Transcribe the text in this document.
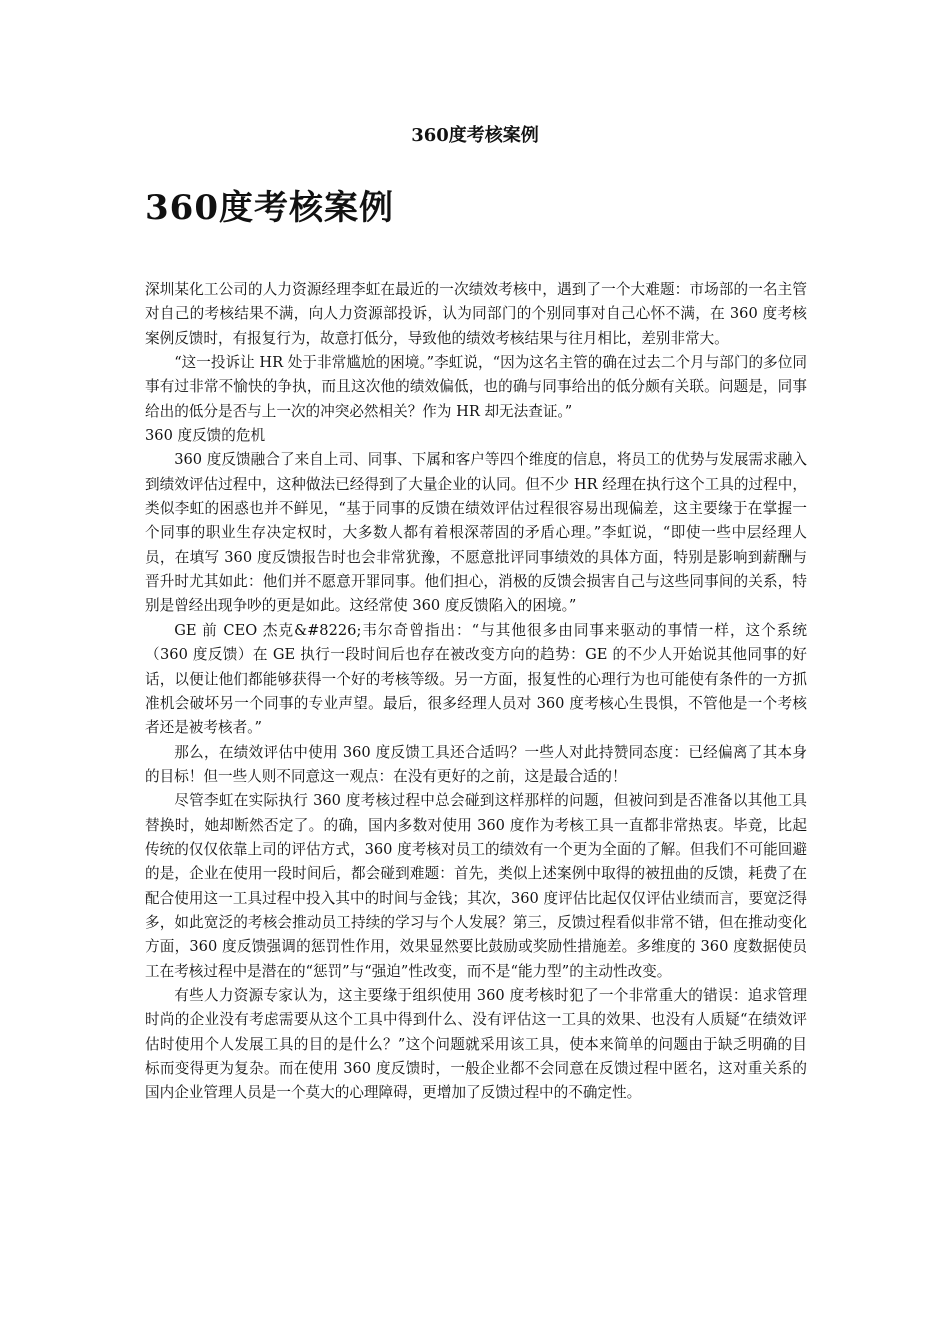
360度考核案例
360度考核案例

深圳某化工公司的人力资源经理李虹在最近的一次绩效考核中，遇到了一个大难题：市场部的一名主管对自己的考核结果不满，向人力资源部投诉，认为同部门的个别同事对自己心怀不满，在 360 度考核案例反馈时，有报复行为，故意打低分，导致他的绩效考核结果与往月相比，差别非常大。

“这一投诉让 HR 处于非常尴尬的困境。”李虹说，“因为这名主管的确在过去二个月与部门的多位同事有过非常不愉快的争执，而且这次他的绩效偏低，也的确与同事给出的低分颇有关联。问题是，同事给出的低分是否与上一次的冲突必然相关？作为 HR 却无法查证。”

360 度反馈的危机

360 度反馈融合了来自上司、同事、下属和客户等四个维度的信息，将员工的优势与发展需求融入到绩效评估过程中，这种做法已经得到了大量企业的认同。但不少 HR 经理在执行这个工具的过程中，类似李虹的困惑也并不鲜见，“基于同事的反馈在绩效评估过程很容易出现偏差，这主要缘于在掌握一个同事的职业生存决定权时，大多数人都有着根深蒂固的矛盾心理。”李虹说，“即使一些中层经理人员，在填写 360 度反馈报告时也会非常犹豫，不愿意批评同事绩效的具体方面，特别是影响到薪酬与晋升时尤其如此：他们并不愿意开罪同事。他们担心，消极的反馈会损害自己与这些同事间的关系，特别是曾经出现争吵的更是如此。这经常使 360 度反馈陷入的困境。”

GE 前 CEO 杰克&#8226;韦尔奇曾指出：“与其他很多由同事来驱动的事情一样，这个系统（360 度反馈）在 GE 执行一段时间后也存在被改变方向的趋势：GE 的不少人开始说其他同事的好话，以便让他们都能够获得一个好的考核等级。另一方面，报复性的心理行为也可能使有条件的一方抓准机会破坏另一个同事的专业声望。最后，很多经理人员对 360 度考核心生畏惧，不管他是一个考核者还是被考核者。”

那么，在绩效评估中使用 360 度反馈工具还合适吗？一些人对此持赞同态度：已经偏离了其本身的目标！但一些人则不同意这一观点：在没有更好的之前，这是最合适的！

尽管李虹在实际执行 360 度考核过程中总会碰到这样那样的问题，但被问到是否准备以其他工具替换时，她却断然否定了。的确，国内多数对使用 360 度作为考核工具一直都非常热衷。毕竟，比起传统的仅仅依靠上司的评估方式，360 度考核对员工的绩效有一个更为全面的了解。但我们不可能回避的是，企业在使用一段时间后，都会碰到难题：首先，类似上述案例中取得的被扭曲的反馈，耗费了在配合使用这一工具过程中投入其中的时间与金钱；其次，360 度评估比起仅仅评估业绩而言，要宽泛得多，如此宽泛的考核会推动员工持续的学习与个人发展？第三，反馈过程看似非常不错，但在推动变化方面，360 度反馈强调的惩罚性作用，效果显然要比鼓励或奖励性措施差。多维度的 360 度数据使员工在考核过程中是潜在的“惩罚”与“强迫”性改变，而不是“能力型”的主动性改变。

有些人力资源专家认为，这主要缘于组织使用 360 度考核时犯了一个非常重大的错误：追求管理时尚的企业没有考虑需要从这个工具中得到什么、没有评估这一工具的效果、也没有人质疑“在绩效评估时使用个人发展工具的目的是什么？”这个问题就采用该工具，使本来简单的问题由于缺乏明确的目标而变得更为复杂。而在使用 360 度反馈时，一般企业都不会同意在反馈过程中匿名，这对重关系的国内企业管理人员是一个莫大的心理障碍，更增加了反馈过程中的不确定性。
